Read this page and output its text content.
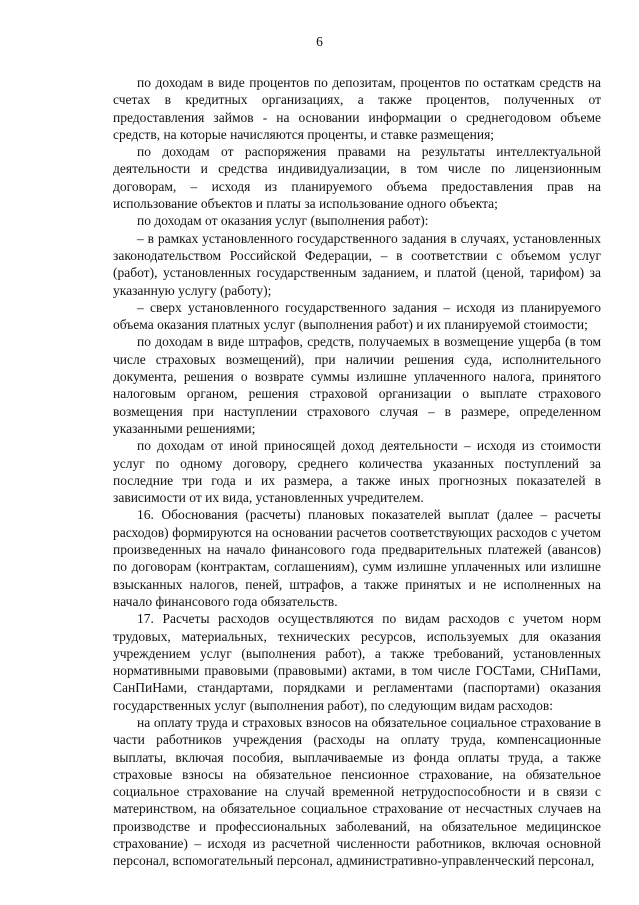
6

по доходам в виде процентов по депозитам, процентов по остаткам средств на счетах в кредитных организациях, а также процентов, полученных от предоставления займов - на основании информации о среднегодовом объеме средств, на которые начисляются проценты, и ставке размещения;

по доходам от распоряжения правами на результаты интеллектуальной деятельности и средства индивидуализации, в том числе по лицензионным договорам, – исходя из планируемого объема предоставления прав на использование объектов и платы за использование одного объекта;

по доходам от оказания услуг (выполнения работ):

– в рамках установленного государственного задания в случаях, установленных законодательством Российской Федерации, – в соответствии с объемом услуг (работ), установленных государственным заданием, и платой (ценой, тарифом) за указанную услугу (работу);

– сверх установленного государственного задания – исходя из планируемого объема оказания платных услуг (выполнения работ) и их планируемой стоимости;

по доходам в виде штрафов, средств, получаемых в возмещение ущерба (в том числе страховых возмещений), при наличии решения суда, исполнительного документа, решения о возврате суммы излишне уплаченного налога, принятого налоговым органом, решения страховой организации о выплате страхового возмещения при наступлении страхового случая – в размере, определенном указанными решениями;

по доходам от иной приносящей доход деятельности – исходя из стоимости услуг по одному договору, среднего количества указанных поступлений за последние три года и их размера, а также иных прогнозных показателей в зависимости от их вида, установленных учредителем.

16. Обоснования (расчеты) плановых показателей выплат (далее – расчеты расходов) формируются на основании расчетов соответствующих расходов с учетом произведенных на начало финансового года предварительных платежей (авансов) по договорам (контрактам, соглашениям), сумм излишне уплаченных или излишне взысканных налогов, пеней, штрафов, а также принятых и не исполненных на начало финансового года обязательств.

17. Расчеты расходов осуществляются по видам расходов с учетом норм трудовых, материальных, технических ресурсов, используемых для оказания учреждением услуг (выполнения работ), а также требований, установленных нормативными правовыми (правовыми) актами, в том числе ГОСТами, СНиПами, СанПиНами, стандартами, порядками и регламентами (паспортами) оказания государственных услуг (выполнения работ), по следующим видам расходов:

на оплату труда и страховых взносов на обязательное социальное страхование в части работников учреждения (расходы на оплату труда, компенсационные выплаты, включая пособия, выплачиваемые из фонда оплаты труда, а также страховые взносы на обязательное пенсионное страхование, на обязательное социальное страхование на случай временной нетрудоспособности и в связи с материнством, на обязательное социальное страхование от несчастных случаев на производстве и профессиональных заболеваний, на обязательное медицинское страхование) – исходя из расчетной численности работников, включая основной персонал, вспомогательный персонал, административно-управленческий персонал,
